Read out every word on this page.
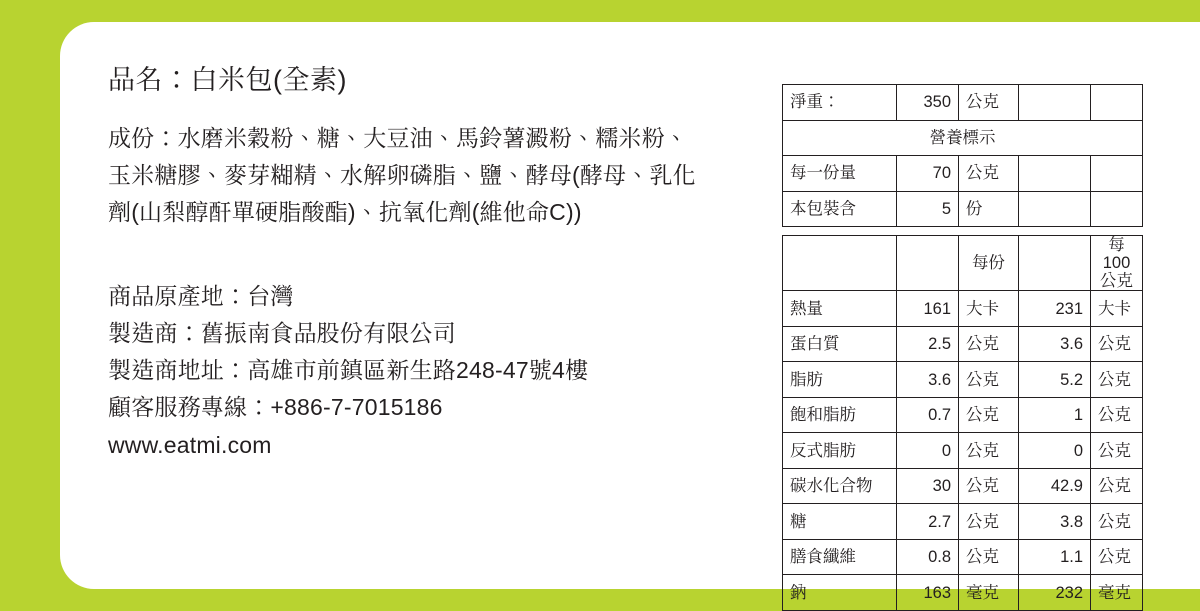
品名：白米包(全素)

成份：水磨米穀粉、糖、大豆油、馬鈴薯澱粉、糯米粉、玉米糖膠、麥芽糊精、水解卵磷脂、鹽、酵母(酵母、乳化劑(山梨醇酐單硬脂酸酯)、抗氧化劑(維他命C))

商品原產地：台灣
製造商：舊振南食品股份有限公司
製造商地址：高雄市前鎮區新生路248-47號4樓
顧客服務專線：+886-7-7015186
www.eatmi.com
淨重：	350	公克		
營養標示				
每一份量	70	公克		
本包裝含	5	份		

		每份		每100公克
熱量	161	大卡	231	大卡
蛋白質	2.5	公克	3.6	公克
脂肪	3.6	公克	5.2	公克
飽和脂肪	0.7	公克	1	公克
反式脂肪	0	公克	0	公克
碳水化合物	30	公克	42.9	公克
糖	2.7	公克	3.8	公克
膳食纖維	0.8	公克	1.1	公克
鈉	163	毫克	232	毫克
